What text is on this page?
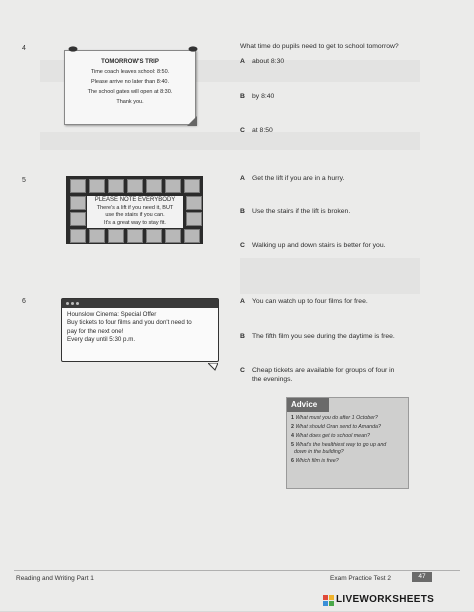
4
TOMORROW'S TRIP
Time coach leaves school: 8:50.
Please arrive no later than 8:40.
The school gates will open at 8:30.
Thank you.
What time do pupils need to get to school tomorrow?
A about 8:30
B by 8:40
C at 8:50
5
PLEASE NOTE EVERYBODY
There's a lift if you need it, BUT
use the stairs if you can.
It's a great way to stay fit.
A Get the lift if you are in a hurry.
B Use the stairs if the lift is broken.
C Walking up and down stairs is better for you.
6
Hounslow Cinema: Special Offer
Buy tickets to four films and you don't need to
pay for the next one!
Every day until 5:30 p.m.
A You can watch up to four films for free.
B The fifth film you see during the daytime is free.
C Cheap tickets are available for groups of four in
the evenings.
Advice
1 What must you do after 1 October?
2 What should Oran send to Amanda?
4 What does get to school mean?
5 What's the healthiest way to go up and
down in the building?
6 Which film is free?
Reading and Writing Part 1	Exam Practice Test 2	47
LIVEWORKSHEETS
